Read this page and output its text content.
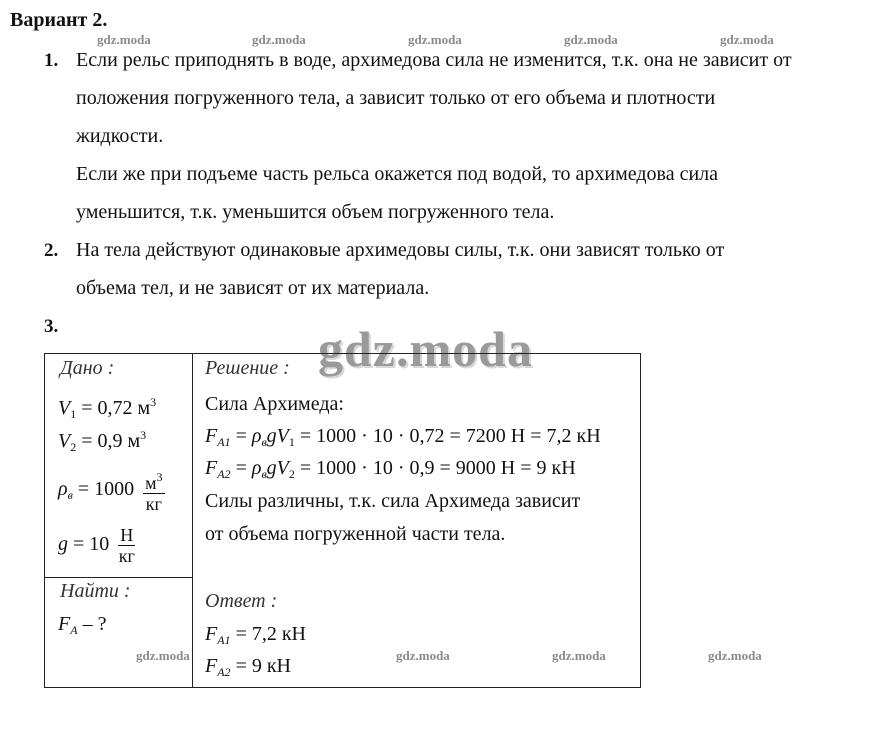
Вариант 2.
gdz.moda	gdz.moda	gdz.moda	gdz.moda	gdz.moda
gdz.moda	gdz.moda	gdz.moda	gdz.moda
1. Если рельс приподнять в воде, архимедова сила не изменится, т.к. она не зависит от
положения погруженного тела, а зависит только от его объема и плотности
жидкости.
Если же при подъеме часть рельса окажется под водой, то архимедова сила
уменьшится, т.к. уменьшится объем погруженного тела.
2. На тела действуют одинаковые архимедовы силы, т.к. они зависят только от
объема тел, и не зависят от их материала.
3.	gdz.moda
Дано :
$V_1 = 0,72$ $м^3$
$V_2 = 0,9$ $м^3$
$\rho_в = 1000 \frac{м^3}{кг}$
$g = 10 \frac{Н}{кг}$
Найти :
$F_A$ ? –
Решение :
Сила Архимеда:
$F_{A1} = \rho_вgV_1 = 1000 \cdot 10 \cdot 0,72 = 7200$ Н = 7,2 кН
$F_{A2} = \rho_вgV_2 = 1000 \cdot 10 \cdot 0,9 = 9000$ Н = 9 кН
Силы различны, т.к. сила Архимеда зависит
от объема погруженной части тела.
Ответ :
$F_{A1} = 7,2$ кН
$F_{A2} = 9$ кН
